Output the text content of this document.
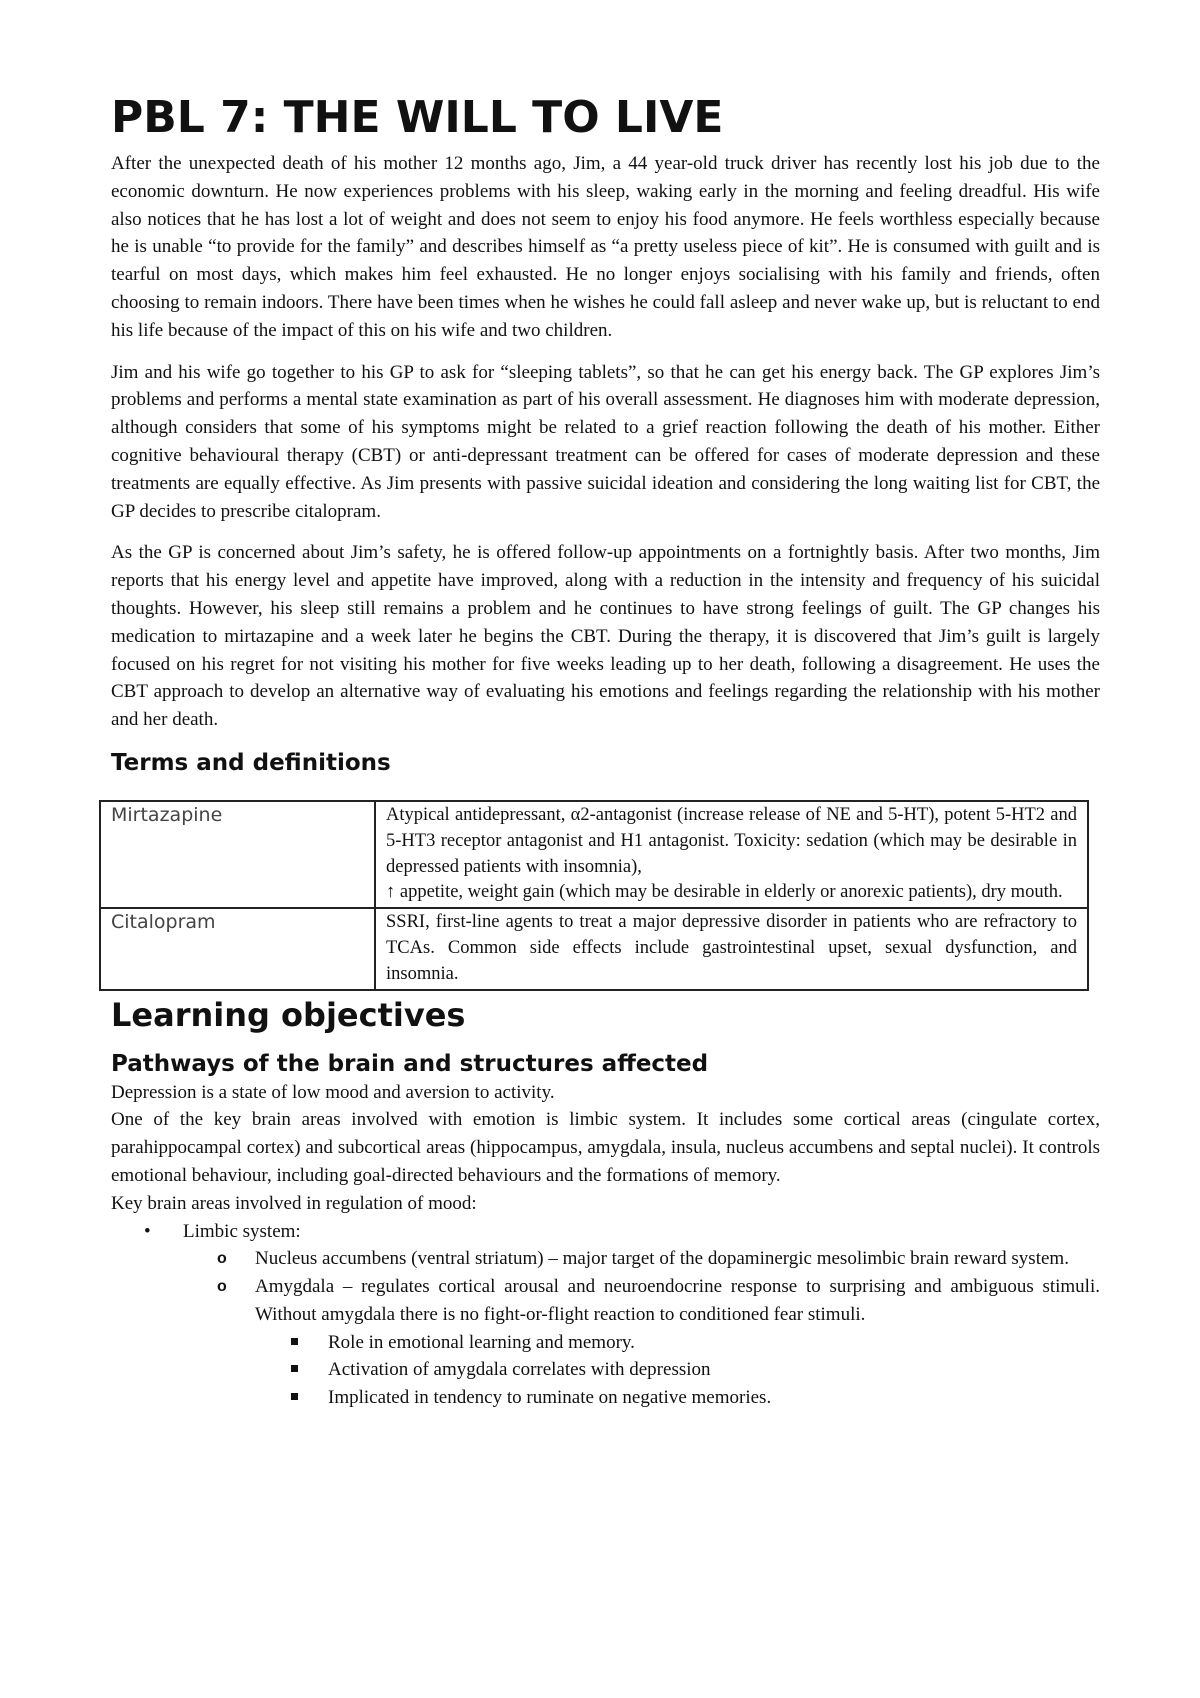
PBL 7: THE WILL TO LIVE

After the unexpected death of his mother 12 months ago, Jim, a 44 year-old truck driver has recently lost his job due to the economic downturn. He now experiences problems with his sleep, waking early in the morning and feeling dreadful. His wife also notices that he has lost a lot of weight and does not seem to enjoy his food anymore. He feels worthless especially because he is unable “to provide for the family” and describes himself as “a pretty useless piece of kit”. He is consumed with guilt and is tearful on most days, which makes him feel exhausted. He no longer enjoys socialising with his family and friends, often choosing to remain indoors. There have been times when he wishes he could fall asleep and never wake up, but is reluctant to end his life because of the impact of this on his wife and two children.

Jim and his wife go together to his GP to ask for “sleeping tablets”, so that he can get his energy back. The GP explores Jim’s problems and performs a mental state examination as part of his overall assessment. He diagnoses him with moderate depression, although considers that some of his symptoms might be related to a grief reaction following the death of his mother. Either cognitive behavioural therapy (CBT) or anti-depressant treatment can be offered for cases of moderate depression and these treatments are equally effective. As Jim presents with passive suicidal ideation and considering the long waiting list for CBT, the GP decides to prescribe citalopram.

As the GP is concerned about Jim’s safety, he is offered follow-up appointments on a fortnightly basis. After two months, Jim reports that his energy level and appetite have improved, along with a reduction in the intensity and frequency of his suicidal thoughts. However, his sleep still remains a problem and he continues to have strong feelings of guilt. The GP changes his medication to mirtazapine and a week later he begins the CBT. During the therapy, it is discovered that Jim’s guilt is largely focused on his regret for not visiting his mother for five weeks leading up to her death, following a disagreement. He uses the CBT approach to develop an alternative way of evaluating his emotions and feelings regarding the relationship with his mother and her death.

Terms and definitions
Mirtazapine	Atypical antidepressant, α2-antagonist (increase release of NE and 5-HT), potent 5-HT2 and 5-HT3 receptor antagonist and H1 antagonist. Toxicity: sedation (which may be desirable in depressed patients with insomnia),
↑ appetite, weight gain (which may be desirable in elderly or anorexic patients), dry mouth.

Citalopram	SSRI, first-line agents to treat a major depressive disorder in patients who are refractory to TCAs. Common side effects include gastrointestinal upset, sexual dysfunction, and insomnia.
Learning objectives
Pathways of the brain and structures affected

Depression is a state of low mood and aversion to activity.

One of the key brain areas involved with emotion is limbic system. It includes some cortical areas (cingulate cortex, parahippocampal cortex) and subcortical areas (hippocampus, amygdala, insula, nucleus accumbens and septal nuclei). It controls emotional behaviour, including goal-directed behaviours and the formations of memory.

Key brain areas involved in regulation of mood:

• Limbic system:
o Nucleus accumbens (ventral striatum) – major target of the dopaminergic mesolimbic brain reward system.
o Amygdala – regulates cortical arousal and neuroendocrine response to surprising and ambiguous stimuli. Without amygdala there is no fight-or-flight reaction to conditioned fear stimuli.
Role in emotional learning and memory.
Activation of amygdala correlates with depression
Implicated in tendency to ruminate on negative memories.
